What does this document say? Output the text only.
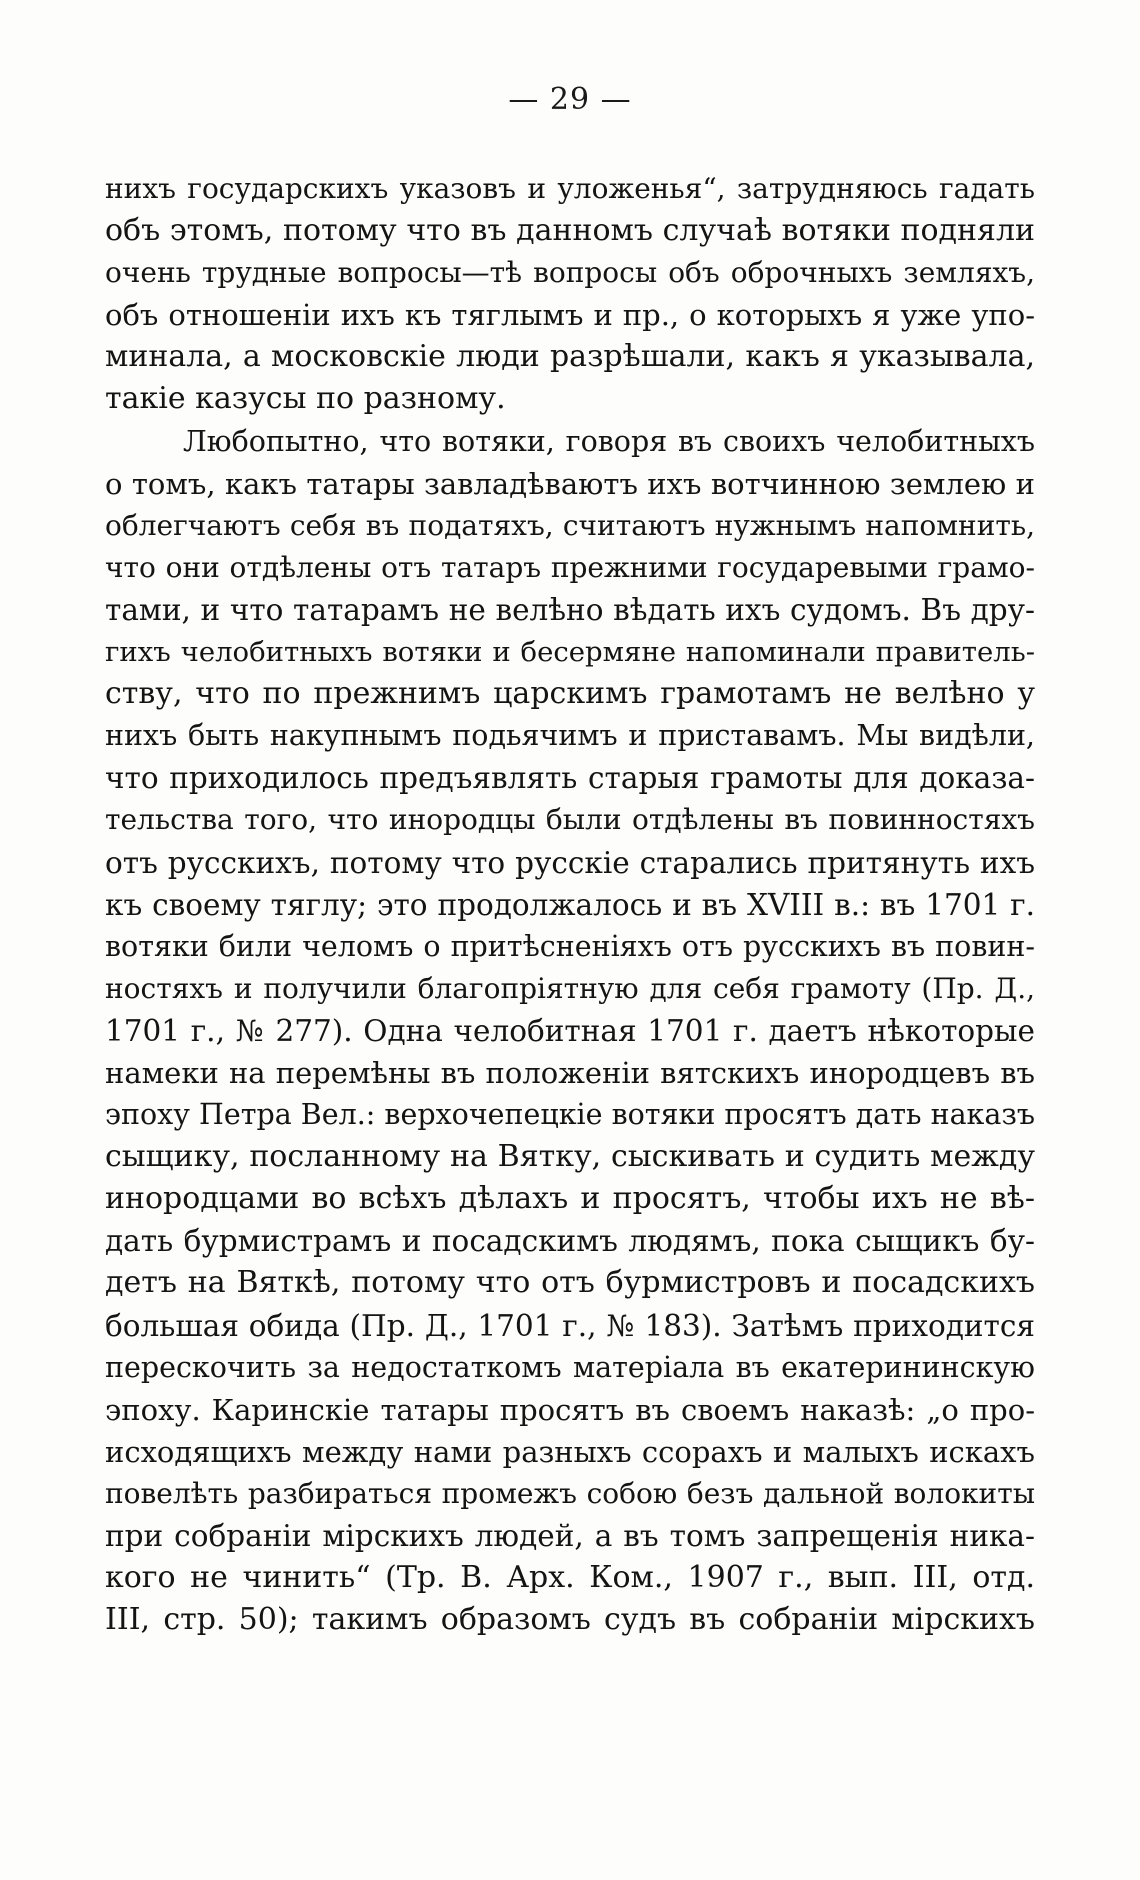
— 29 —
нихъ государскихъ указовъ и уложенья“, затрудняюсь гадать
объ этомъ, потому что въ данномъ случаѣ вотяки подняли
очень трудные вопросы—тѣ вопросы объ оброчныхъ земляхъ,
объ отношеніи ихъ къ тяглымъ и пр., о которыхъ я уже упо-
минала, а московскіе люди разрѣшали, какъ я указывала,
такіе казусы по разному.
Любопытно, что вотяки, говоря въ своихъ челобитныхъ
о томъ, какъ татары завладѣваютъ ихъ вотчинною землею и
облегчаютъ себя въ податяхъ, считаютъ нужнымъ напомнить,
что они отдѣлены отъ татаръ прежними государевыми грамо-
тами, и что татарамъ не велѣно вѣдать ихъ судомъ. Въ дру-
гихъ челобитныхъ вотяки и бесермяне напоминали правитель-
ству, что по прежнимъ царскимъ грамотамъ не велѣно у
нихъ быть накупнымъ подьячимъ и приставамъ. Мы видѣли,
что приходилось предъявлять старыя грамоты для доказа-
тельства того, что инородцы были отдѣлены въ повинностяхъ
отъ русскихъ, потому что русскіе старались притянуть ихъ
къ своему тяглу; это продолжалось и въ XVIII в.: въ 1701 г.
вотяки били челомъ о притѣсненіяхъ отъ русскихъ въ повин-
ностяхъ и получили благопріятную для себя грамоту (Пр. Д.,
1701 г., № 277). Одна челобитная 1701 г. даетъ нѣкоторые
намеки на перемѣны въ положеніи вятскихъ инородцевъ въ
эпоху Петра Вел.: верхочепецкіе вотяки просятъ дать наказъ
сыщику, посланному на Вятку, сыскивать и судить между
инородцами во всѣхъ дѣлахъ и просятъ, чтобы ихъ не вѣ-
дать бурмистрамъ и посадскимъ людямъ, пока сыщикъ бу-
детъ на Вяткѣ, потому что отъ бурмистровъ и посадскихъ
большая обида (Пр. Д., 1701 г., № 183). Затѣмъ приходится
перескочить за недостаткомъ матеріала въ екатерининскую
эпоху. Каринскіе татары просятъ въ своемъ наказѣ: „о про-
исходящихъ между нами разныхъ ссорахъ и малыхъ искахъ
повелѣть разбираться промежъ собою безъ дальной волокиты
при собраніи мірскихъ людей, а въ томъ запрещенія никa-
кого не чинить“ (Тр. В. Арх. Ком., 1907 г., вып. III, отд.
III, стр. 50); такимъ образомъ судъ въ собраніи мірскихъ
